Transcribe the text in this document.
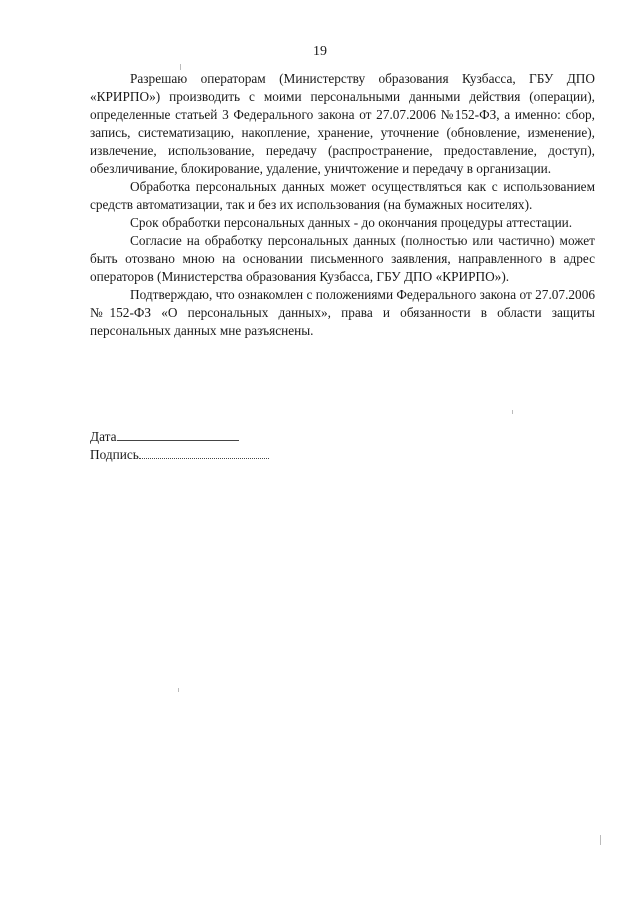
19

Разрешаю операторам (Министерству образования Кузбасса, ГБУ ДПО «КРИРПО») производить с моими персональными данными действия (операции), определенные статьей 3 Федерального закона от 27.07.2006 №152-ФЗ, а именно: сбор, запись, систематизацию, накопление, хранение, уточнение (обновление, изменение), извлечение, использование, передачу (распространение, предоставление, доступ), обезличивание, блокирование, удаление, уничтожение и передачу в организации.

Обработка персональных данных может осуществляться как с использованием средств автоматизации, так и без их использования (на бумажных носителях).

Срок обработки персональных данных - до окончания процедуры аттестации.

Согласие на обработку персональных данных (полностью или частично) может быть отозвано мною на основании письменного заявления, направленного в адрес операторов (Министерства образования Кузбасса, ГБУ ДПО «КРИРПО»).

Подтверждаю, что ознакомлен с положениями Федерального закона от 27.07.2006 №152-ФЗ «О персональных данных», права и обязанности в области защиты персональных данных мне разъяснены.

Дата
Подпись
